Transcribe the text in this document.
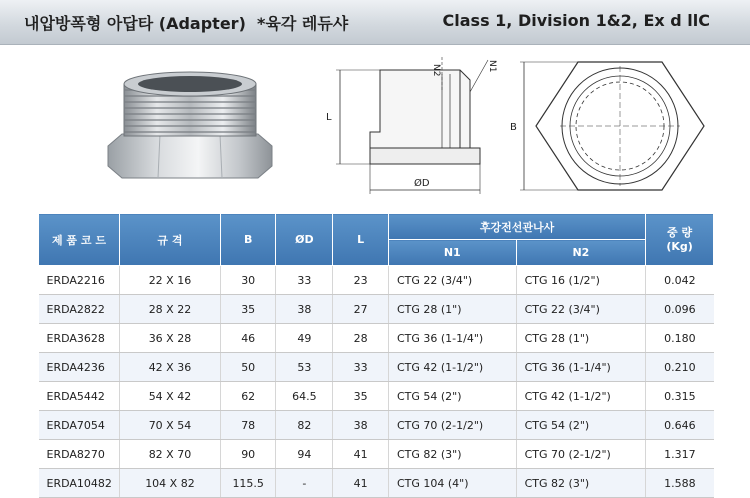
내압방폭형 아답타 (Adapter)  *육각 레듀샤	Class 1, Division 1&2, Ex d llC
N2	N1
L
ØD
B
제 품 코 드	규 격	B	ØD	L	후강전선관나사		중 량
(Kg)
					N1	N2	
ERDA2216	22 X 16	30	33	23	CTG 22 (3/4")	CTG 16 (1/2")	0.042
ERDA2822	28 X 22	35	38	27	CTG 28 (1")	CTG 22 (3/4")	0.096
ERDA3628	36 X 28	46	49	28	CTG 36 (1-1/4")	CTG 28 (1")	0.180
ERDA4236	42 X 36	50	53	33	CTG 42 (1-1/2")	CTG 36 (1-1/4")	0.210
ERDA5442	54 X 42	62	64.5	35	CTG 54 (2")	CTG 42 (1-1/2")	0.315
ERDA7054	70 X 54	78	82	38	CTG 70 (2-1/2")	CTG 54 (2")	0.646
ERDA8270	82 X 70	90	94	41	CTG 82 (3")	CTG 70 (2-1/2")	1.317
ERDA10482	104 X 82	115.5	-	41	CTG 104 (4")	CTG 82 (3")	1.588
